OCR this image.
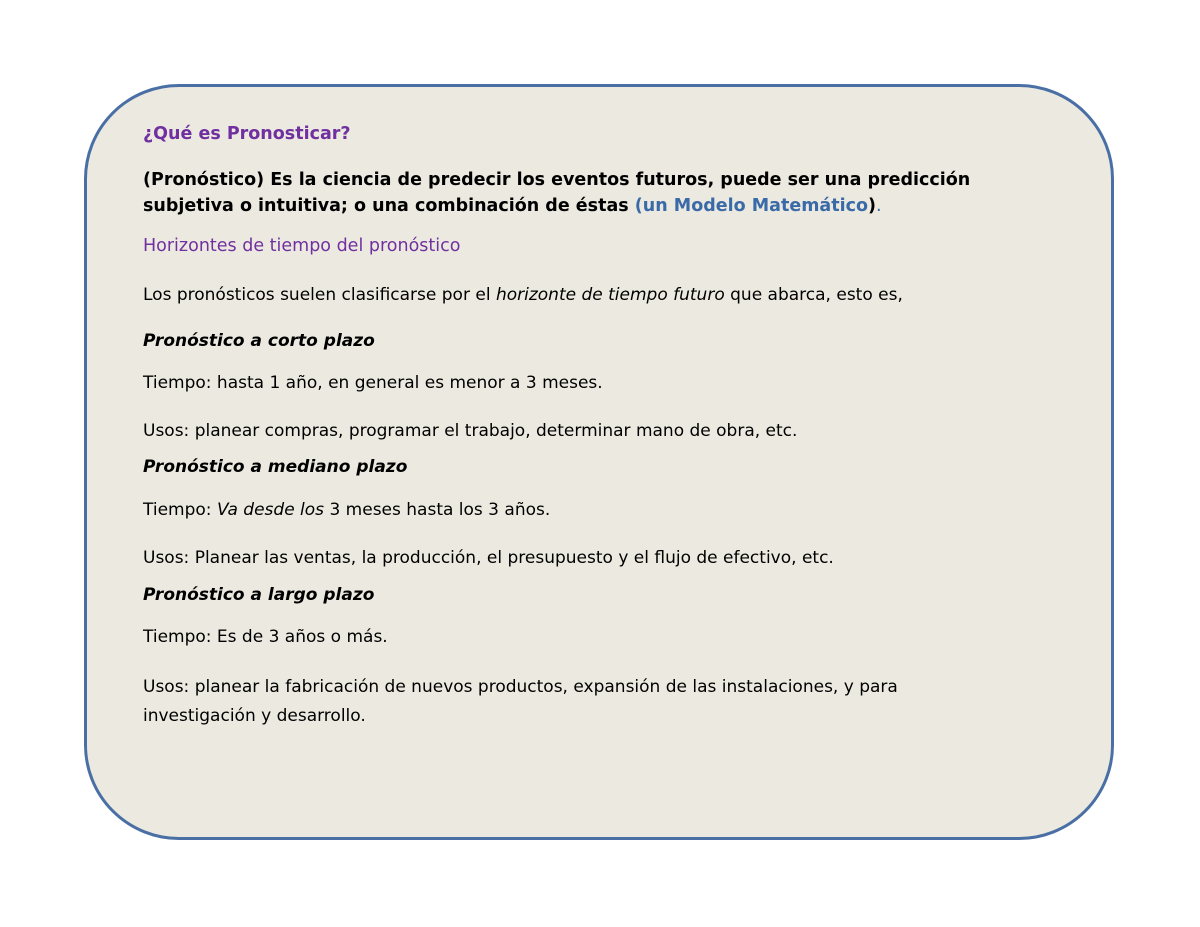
¿Qué es Pronosticar?
(Pronóstico) Es la ciencia de predecir los eventos futuros, puede ser una predicción
subjetiva o intuitiva; o una combinación de éstas (un Modelo Matemático).
Horizontes de tiempo del pronóstico
Los pronósticos suelen clasificarse por el horizonte de tiempo futuro que abarca, esto es,
Pronóstico a corto plazo
Tiempo: hasta 1 año, en general es menor a 3 meses.
Usos: planear compras, programar el trabajo, determinar mano de obra, etc.
Pronóstico a mediano plazo
Tiempo: Va desde los 3 meses hasta los 3 años.
Usos: Planear las ventas, la producción, el presupuesto y el flujo de efectivo, etc.
Pronóstico a largo plazo
Tiempo: Es de 3 años o más.
Usos: planear la fabricación de nuevos productos, expansión de las instalaciones, y para
investigación y desarrollo.
